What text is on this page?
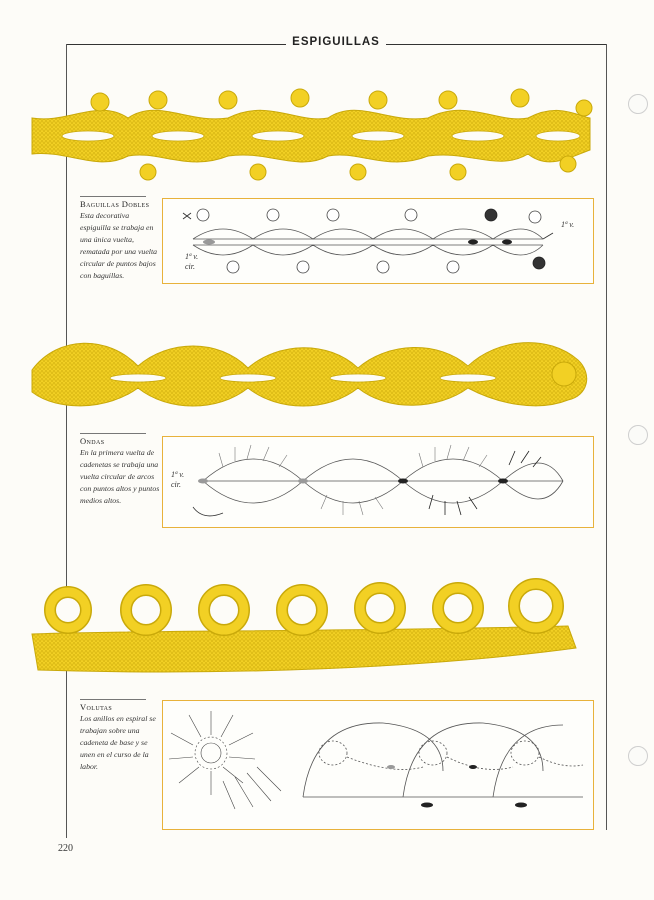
ESPIGUILLAS
Baguillas Dobles
Esta decorativa espiguilla se trabaja en una única vuelta, rematada por una vuelta circular de puntos bajos con baguillas.
1ª v.
1ª v.
cir.
Ondas
En la primera vuelta de cadenetas se trabaja una vuelta circular de arcos con puntos altos y puntos medios altos.
1ª v.
cir.
Volutas
Los anillos en espiral se trabajan sobre una cadeneta de base y se unen en el curso de la labor.
220
